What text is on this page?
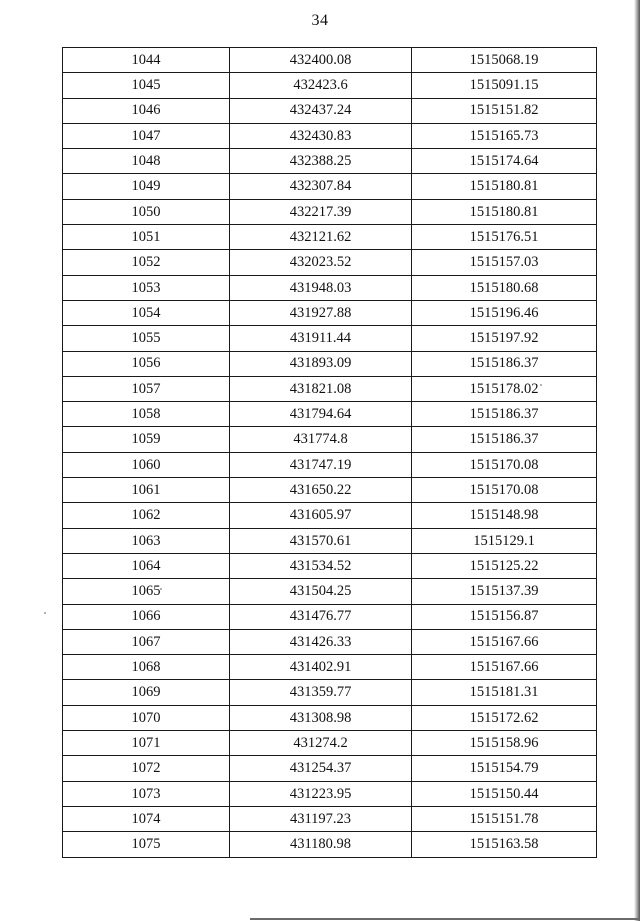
34
1044	432400.08	1515068.19
1045	432423.6	1515091.15
1046	432437.24	1515151.82
1047	432430.83	1515165.73
1048	432388.25	1515174.64
1049	432307.84	1515180.81
1050	432217.39	1515180.81
1051	432121.62	1515176.51
1052	432023.52	1515157.03
1053	431948.03	1515180.68
1054	431927.88	1515196.46
1055	431911.44	1515197.92
1056	431893.09	1515186.37
1057	431821.08	1515178.02
1058	431794.64	1515186.37
1059	431774.8	1515186.37
1060	431747.19	1515170.08
1061	431650.22	1515170.08
1062	431605.97	1515148.98
1063	431570.61	1515129.1
1064	431534.52	1515125.22
1065	431504.25	1515137.39
1066	431476.77	1515156.87
1067	431426.33	1515167.66
1068	431402.91	1515167.66
1069	431359.77	1515181.31
1070	431308.98	1515172.62
1071	431274.2	1515158.96
1072	431254.37	1515154.79
1073	431223.95	1515150.44
1074	431197.23	1515151.78
1075	431180.98	1515163.58
